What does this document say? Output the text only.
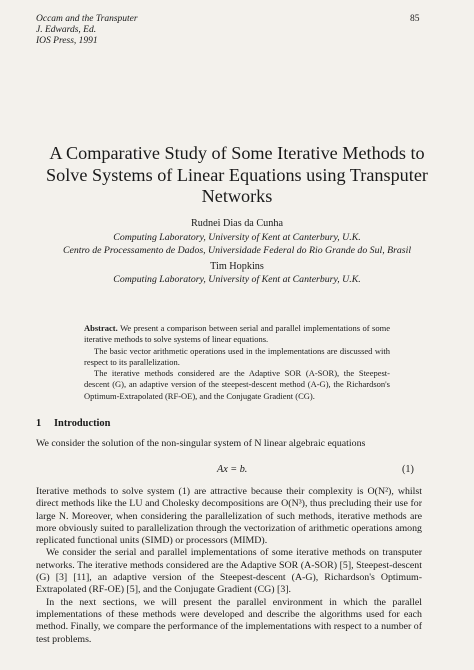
Occam and the Transputer
J. Edwards, Ed.
IOS Press, 1991
85
A Comparative Study of Some Iterative Methods to
Solve Systems of Linear Equations using Transputer
Networks
Rudnei Dias da Cunha
Computing Laboratory, University of Kent at Canterbury, U.K.
Centro de Processamento de Dados, Universidade Federal do Rio Grande do Sul, Brasil
Tim Hopkins
Computing Laboratory, University of Kent at Canterbury, U.K.

Abstract. We present a comparison between serial and parallel implementations of some iterative methods to solve systems of linear equations.

The basic vector arithmetic operations used in the implementations are discussed with respect to its parallelization.

The iterative methods considered are the Adaptive SOR (A-SOR), the Steepest-descent (G), an adaptive version of the steepest-descent method (A-G), the Richardson's Optimum-Extrapolated (RF-OE), and the Conjugate Gradient (CG).

1 Introduction
We consider the solution of the non-singular system of N linear algebraic equations
Ax = b.	(1)

Iterative methods to solve system (1) are attractive because their complexity is O(N²), whilst direct methods like the LU and Cholesky decompositions are O(N³), thus precluding their use for large N. Moreover, when considering the parallelization of such methods, iterative methods are more obviously suited to parallelization through the vectorization of arithmetic operations among replicated functional units (SIMD) or processors (MIMD).

We consider the serial and parallel implementations of some iterative methods on transputer networks. The iterative methods considered are the Adaptive SOR (A-SOR) [5], Steepest-descent (G) [3] [11], an adaptive version of the Steepest-descent (A-G), Richardson's Optimum-Extrapolated (RF-OE) [5], and the Conjugate Gradient (CG) [3].

In the next sections, we will present the parallel environment in which the parallel implementations of these methods were developed and describe the algorithms used for each method. Finally, we compare the performance of the implementations with respect to a number of test problems.
